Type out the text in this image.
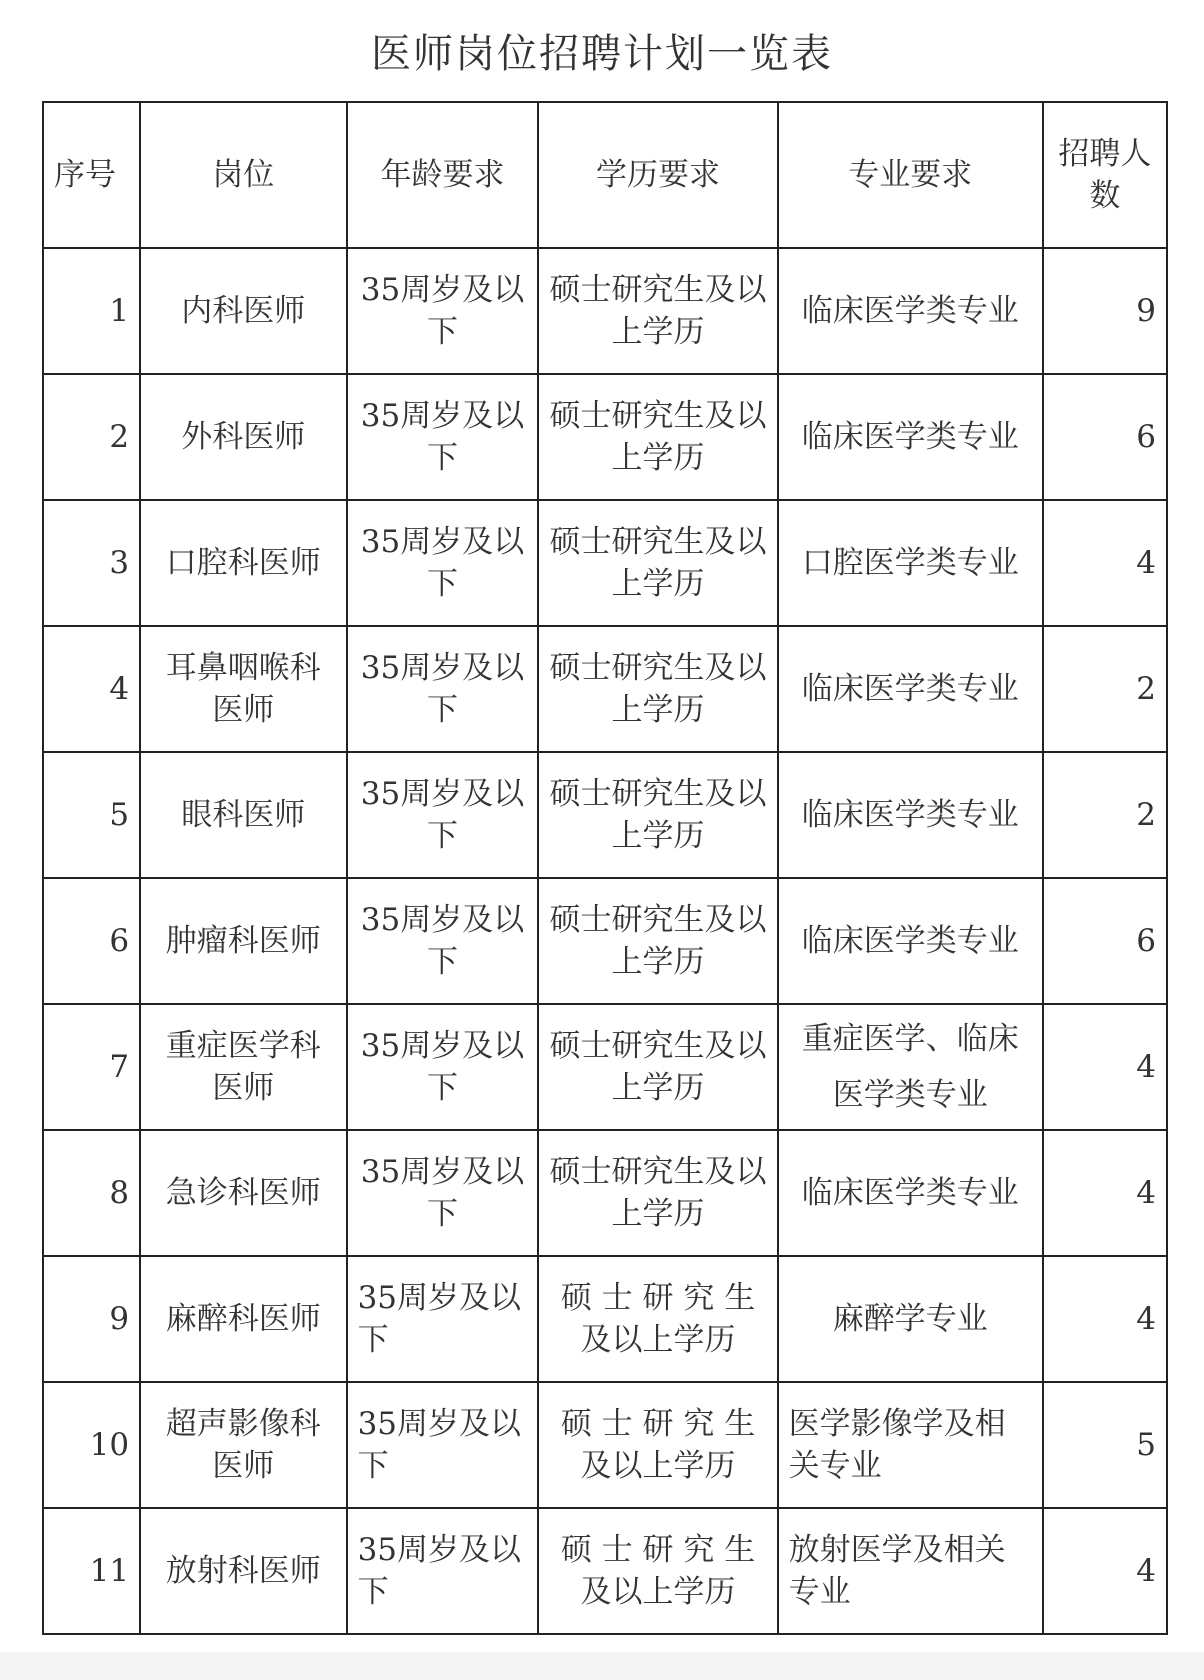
医师岗位招聘计划一览表
序号	岗位	年龄要求	学历要求	专业要求	招聘人数
1	内科医师	35周岁及以下	硕士研究生及以上学历	临床医学类专业	9
2	外科医师	35周岁及以下	硕士研究生及以上学历	临床医学类专业	6
3	口腔科医师	35周岁及以下	硕士研究生及以上学历	口腔医学类专业	4
4	耳鼻咽喉科医师	35周岁及以下	硕士研究生及以上学历	临床医学类专业	2
5	眼科医师	35周岁及以下	硕士研究生及以上学历	临床医学类专业	2
6	肿瘤科医师	35周岁及以下	硕士研究生及以上学历	临床医学类专业	6
7	重症医学科医师	35周岁及以下	硕士研究生及以上学历	重症医学、临床医学类专业	4
8	急诊科医师	35周岁及以下	硕士研究生及以上学历	临床医学类专业	4
9	麻醉科医师	35周岁及以下	硕 士 研 究 生及以上学历	麻醉学专业	4
10	超声影像科医师	35周岁及以下	硕 士 研 究 生及以上学历	医学影像学及相关专业	5
11	放射科医师	35周岁及以下	硕 士 研 究 生及以上学历	放射医学及相关专业	4
